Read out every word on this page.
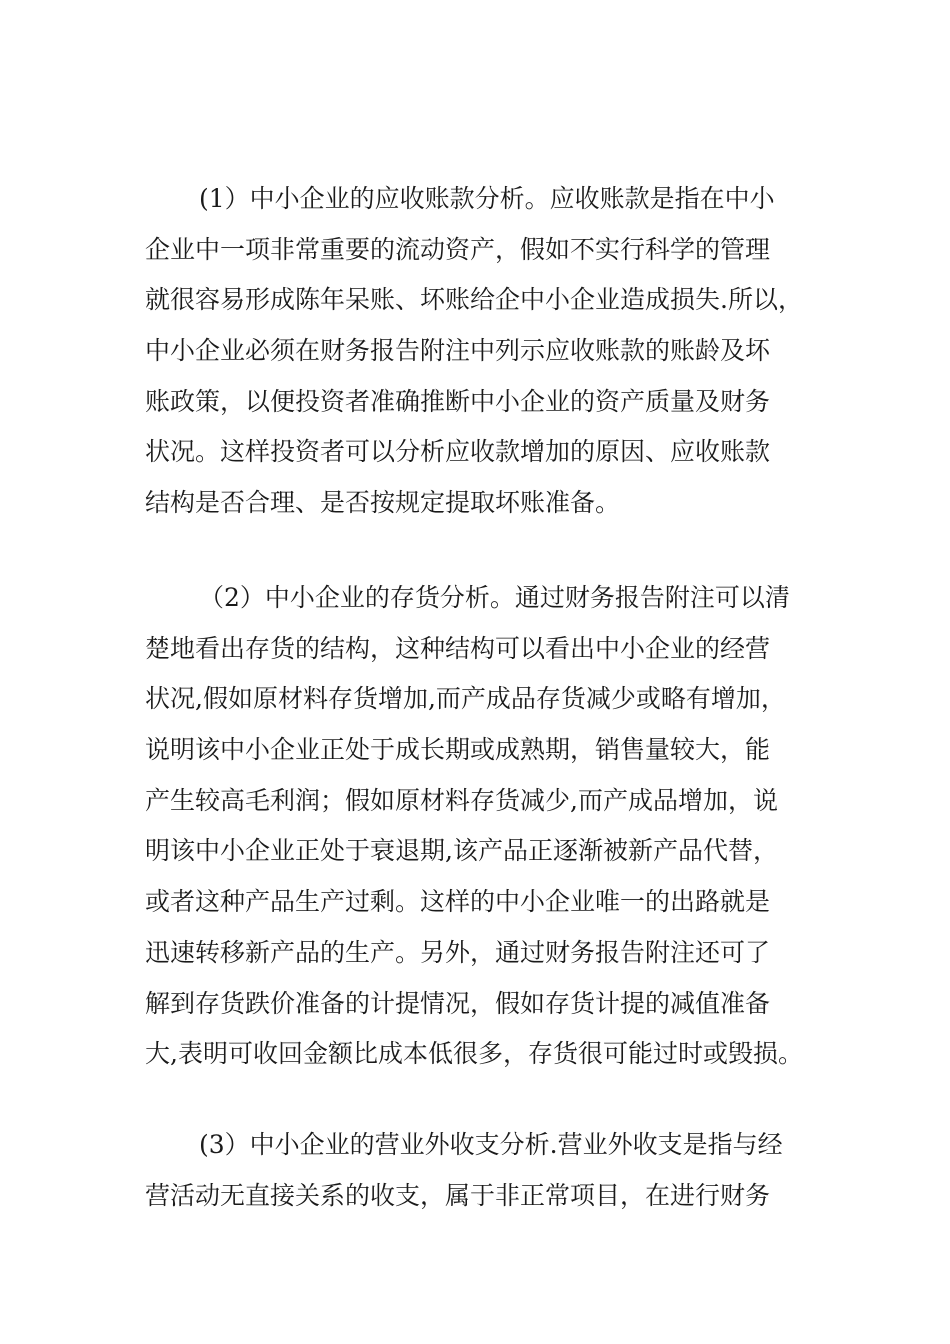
(1）中小企业的应收账款分析。应收账款是指在中小
企业中一项非常重要的流动资产，假如不实行科学的管理
就很容易形成陈年呆账、坏账给企中小企业造成损失.所以，
中小企业必须在财务报告附注中列示应收账款的账龄及坏
账政策，以便投资者准确推断中小企业的资产质量及财务
状况。这样投资者可以分析应收款增加的原因、应收账款
结构是否合理、是否按规定提取坏账准备。
（2）中小企业的存货分析。通过财务报告附注可以清
楚地看出存货的结构，这种结构可以看出中小企业的经营
状况,假如原材料存货增加,而产成品存货减少或略有增加，
说明该中小企业正处于成长期或成熟期，销售量较大，能
产生较高毛利润；假如原材料存货减少,而产成品增加，说
明该中小企业正处于衰退期,该产品正逐渐被新产品代替，
或者这种产品生产过剩。这样的中小企业唯一的出路就是
迅速转移新产品的生产。另外，通过财务报告附注还可了
解到存货跌价准备的计提情况，假如存货计提的减值准备
大,表明可收回金额比成本低很多，存货很可能过时或毁损。
(3）中小企业的营业外收支分析.营业外收支是指与经
营活动无直接关系的收支，属于非正常项目，在进行财务
